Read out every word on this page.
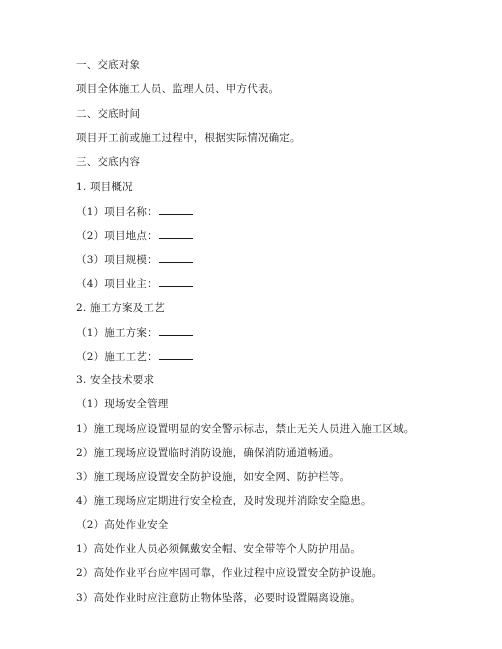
一、交底对象
项目全体施工人员、监理人员、甲方代表。
二、交底时间
项目开工前或施工过程中，根据实际情况确定。
三、交底内容
1. 项目概况
（1）项目名称：
（2）项目地点：
（3）项目规模：
（4）项目业主：
2. 施工方案及工艺
（1）施工方案：
（2）施工工艺：
3. 安全技术要求
（1）现场安全管理
1）施工现场应设置明显的安全警示标志，禁止无关人员进入施工区域。
2）施工现场应设置临时消防设施，确保消防通道畅通。
3）施工现场应设置安全防护设施，如安全网、防护栏等。
4）施工现场应定期进行安全检查，及时发现并消除安全隐患。
（2）高处作业安全
1）高处作业人员必须佩戴安全帽、安全带等个人防护用品。
2）高处作业平台应牢固可靠，作业过程中应设置安全防护设施。
3）高处作业时应注意防止物体坠落，必要时设置隔离设施。
